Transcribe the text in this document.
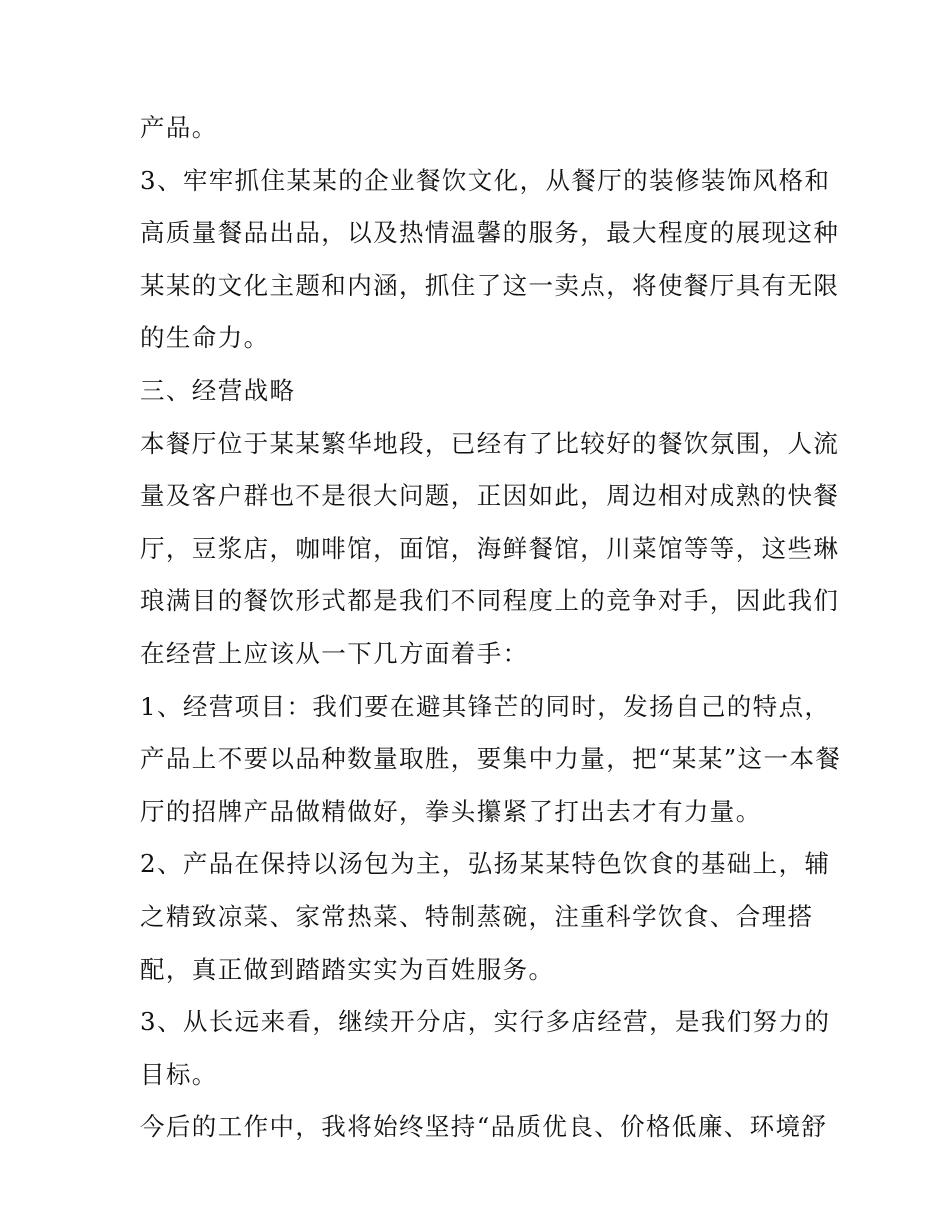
产品。
3、牢牢抓住某某的企业餐饮文化，从餐厅的装修装饰风格和
高质量餐品出品，以及热情温馨的服务，最大程度的展现这种
某某的文化主题和内涵，抓住了这一卖点，将使餐厅具有无限
的生命力。
三、经营战略
本餐厅位于某某繁华地段，已经有了比较好的餐饮氛围，人流
量及客户群也不是很大问题，正因如此，周边相对成熟的快餐
厅，豆浆店，咖啡馆，面馆，海鲜餐馆，川菜馆等等，这些琳
琅满目的餐饮形式都是我们不同程度上的竞争对手，因此我们
在经营上应该从一下几方面着手：
1、经营项目：我们要在避其锋芒的同时，发扬自己的特点，
产品上不要以品种数量取胜，要集中力量，把“某某”这一本餐
厅的招牌产品做精做好，拳头攥紧了打出去才有力量。
2、产品在保持以汤包为主，弘扬某某特色饮食的基础上，辅
之精致凉菜、家常热菜、特制蒸碗，注重科学饮食、合理搭
配，真正做到踏踏实实为百姓服务。
3、从长远来看，继续开分店，实行多店经营，是我们努力的
目标。
今后的工作中，我将始终坚持“品质优良、价格低廉、环境舒
